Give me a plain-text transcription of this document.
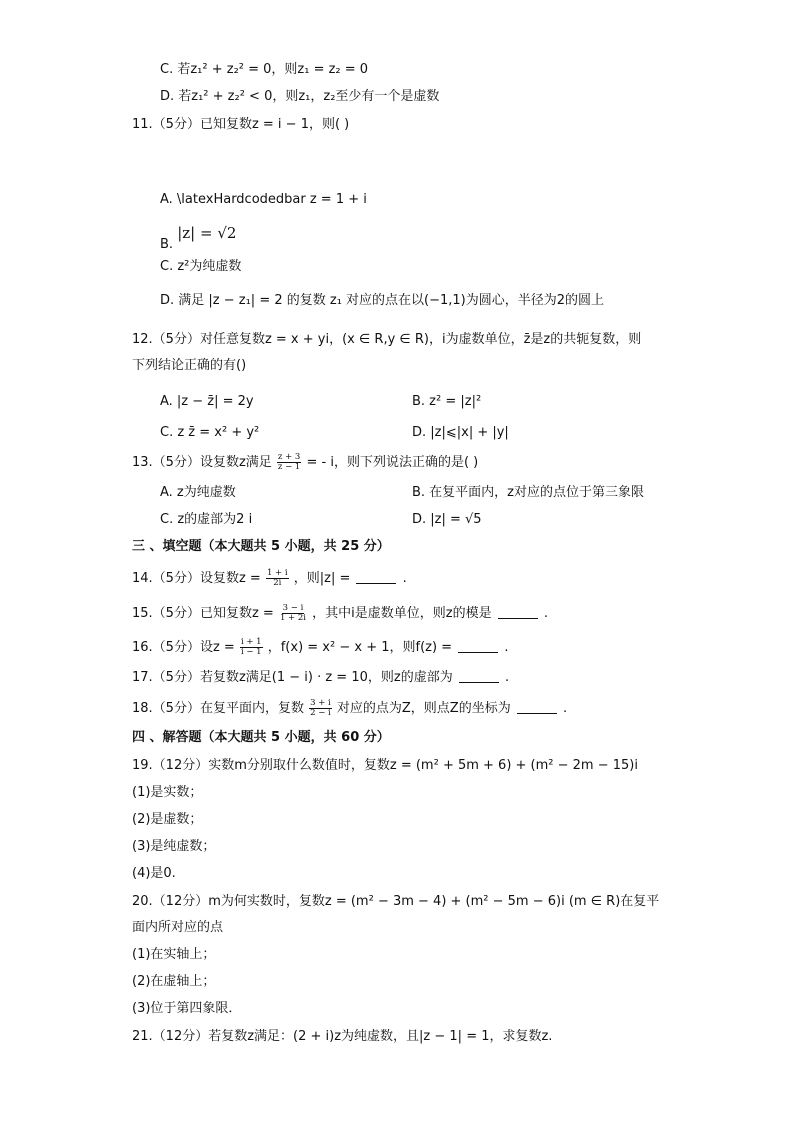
C. 若z₁² + z₂² = 0，则z₁ = z₂ = 0
D. 若z₁² + z₂² < 0，则z₁，z₂至少有一个是虚数
11.（5分）已知复数z = i − 1，则( )
A. \latexHardcodedbar z = 1 + i
B. |z| = √2
C. z²为纯虚数
D. 满足 |z − z₁| = 2 的复数 z₁ 对应的点在以(−1,1)为圆心，半径为2的圆上
12.（5分）对任意复数z = x + yi，(x ∈ R,y ∈ R)，i为虚数单位，z̄是z的共轭复数，则
下列结论正确的有()
A. |z − z̄| = 2y	B. z² = |z|²
C. z z̄ = x² + y²	D. |z|⩽|x| + |y|
13.（5分）设复数z满足 $\frac{z + 3}{z - 1}$ = - i，则下列说法正确的是( )
A. z为纯虚数	B. 在复平面内，z对应的点位于第三象限
C. z的虚部为2 i	D. |z| = √5
三 、填空题（本大题共 5 小题，共 25 分）
14.（5分）设复数$z = \frac{1 + i}{2i}$ ，则|z| =	.
15.（5分）已知复数$z = \frac{3 - i}{1 + 2i}$ ，其中i是虚数单位，则z的模是	.
16.（5分）设$z = \frac{i + 1}{i - 1}$ ，f(x) = x² − x + 1，则f(z) =	.
17.（5分）若复数z满足(1 − i) · z = 10，则z的虚部为	.
18.（5分）在复平面内，复数 $\frac{3 + i}{2 - i}$ 对应的点为Z，则点Z的坐标为	.
四 、解答题（本大题共 5 小题，共 60 分）
19.（12分）实数m分别取什么数值时，复数z = (m² + 5m + 6) + (m² − 2m − 15)i
(1)是实数；
(2)是虚数；
(3)是纯虚数；
(4)是0.
20.（12分）m为何实数时，复数z = (m² − 3m − 4) + (m² − 5m − 6)i (m ∈ R)在复平
面内所对应的点
(1)在实轴上；
(2)在虚轴上；
(3)位于第四象限．
21.（12分）若复数z满足：(2 + i)z为纯虚数，且|z − 1| = 1，求复数z.
